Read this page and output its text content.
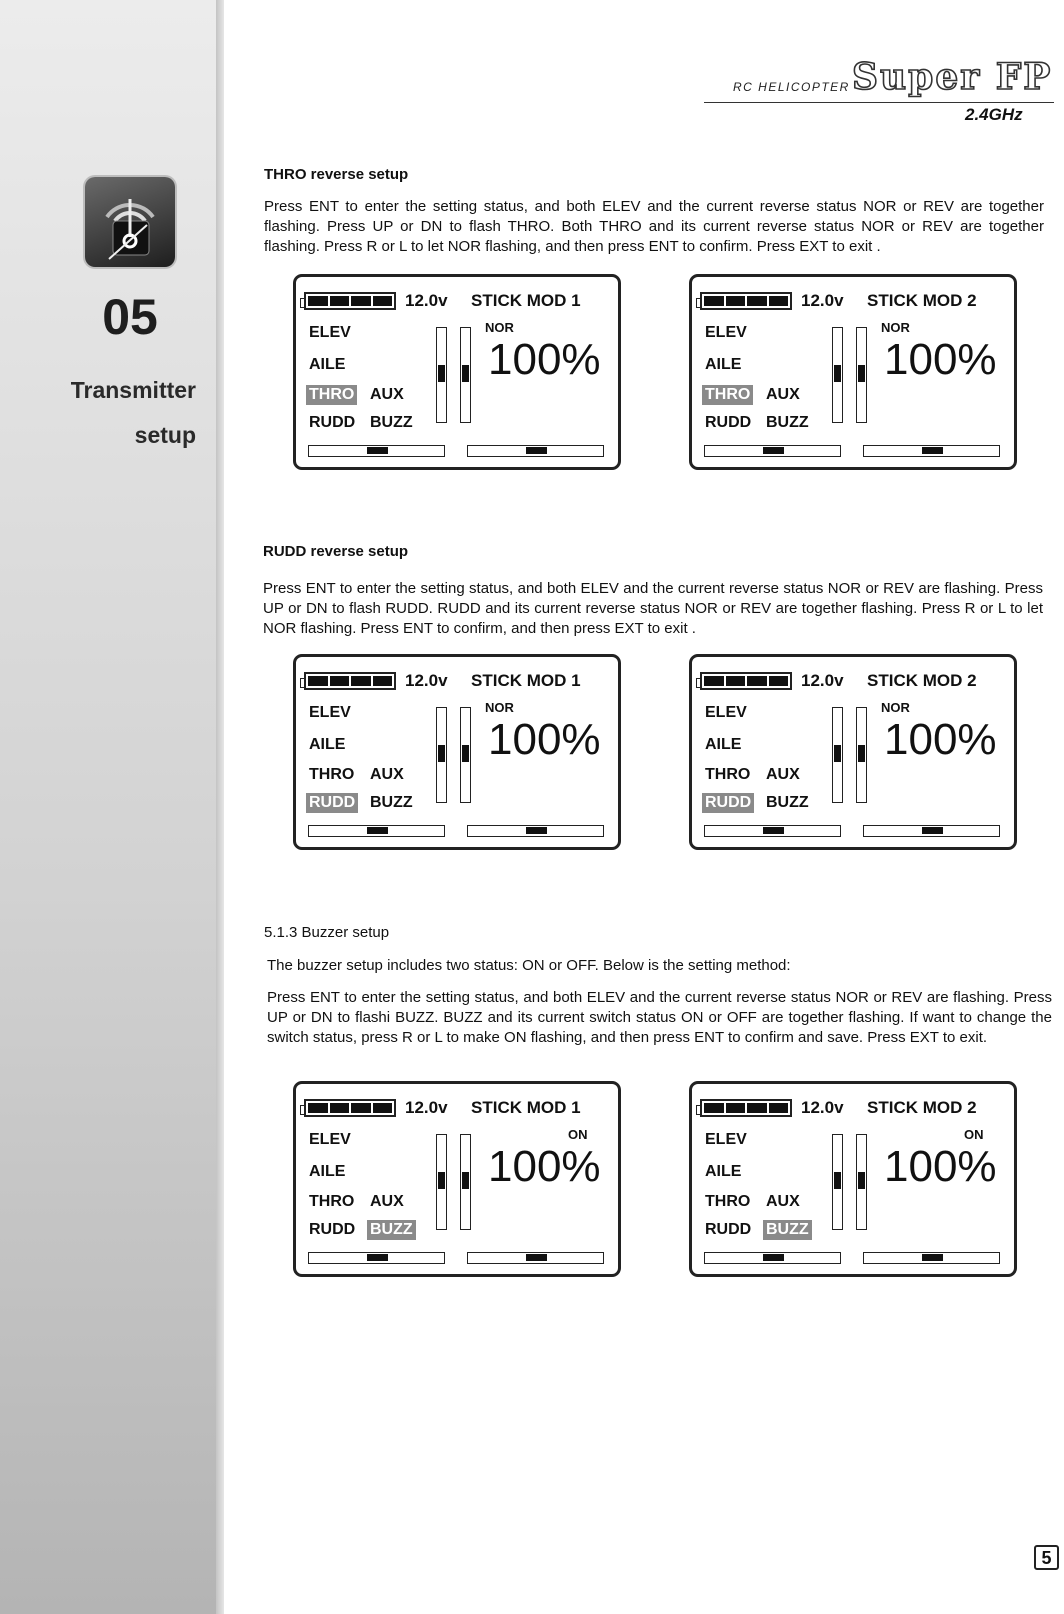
05
Transmitter
setup
RC HELICOPTER Super FP
2.4GHz
THRO reverse setup

Press ENT to enter the setting status, and both ELEV and the current reverse status NOR or REV are together flashing. Press UP or DN to flash THRO. Both THRO and its current reverse status NOR or REV are together flashing. Press R or L to let NOR flashing, and then press ENT to confirm. Press EXT to exit .

RUDD reverse setup

Press ENT to enter the setting status, and both ELEV and the current reverse status NOR or REV are flashing. Press UP or DN to flash RUDD. RUDD and its current reverse status NOR or REV are together flashing. Press R or L to let NOR flashing. Press ENT to confirm, and then press EXT to exit .

5.1.3 Buzzer setup

The buzzer setup includes two status: ON or OFF. Below is the setting method:

Press ENT to enter the setting status, and both ELEV and the current reverse status NOR or REV are flashing. Press UP or DN to flashi BUZZ. BUZZ and its current switch status ON or OFF are together flashing. If want to change the switch status, press R or L to make ON flashing, and then press ENT to confirm and save. Press EXT to exit.

12.0v STICK MOD 1
NOR
100%
ELEV
AILE
THRO AUX
RUDD BUZZ
12.0v STICK MOD 2
NOR
100%
ELEV
AILE
THRO AUX
RUDD BUZZ
12.0v STICK MOD 1
NOR
100%
ELEV
AILE
THRO AUX
RUDD BUZZ
12.0v STICK MOD 2
NOR
100%
ELEV
AILE
THRO AUX
RUDD BUZZ
12.0v STICK MOD 1
ON
100%
ELEV
AILE
THRO AUX
RUDD BUZZ
12.0v STICK MOD 2
ON
100%
ELEV
AILE
THRO AUX
RUDD BUZZ
5
